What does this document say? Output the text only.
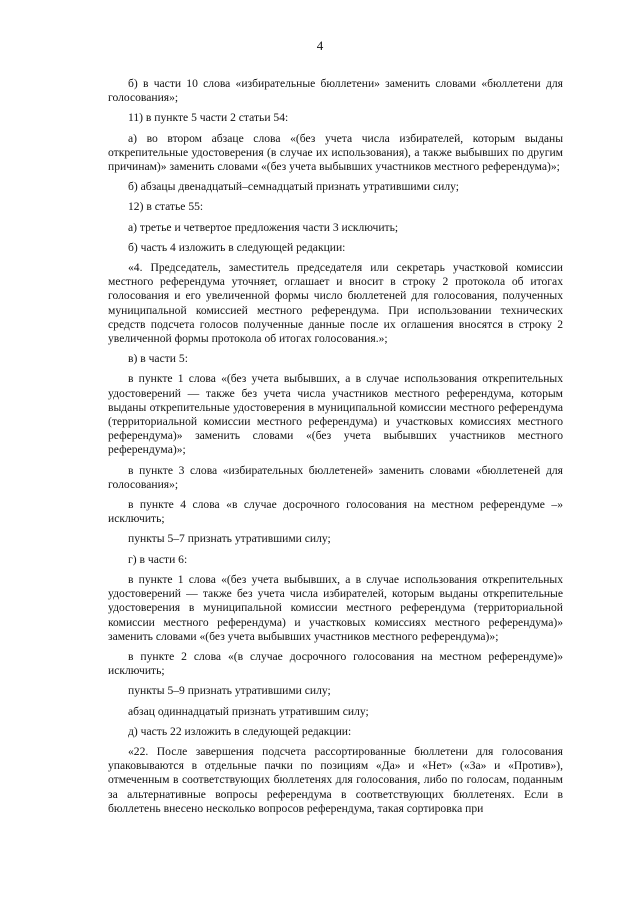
4

б) в части 10 слова «избирательные бюллетени» заменить словами «бюллетени для голосования»;

11) в пункте 5 части 2 статьи 54:

а) во втором абзаце слова «(без учета числа избирателей, которым выданы открепительные удостоверения (в случае их использования), а также выбывших по другим причинам)» заменить словами «(без учета выбывших участников местного референдума)»;

б) абзацы двенадцатый–семнадцатый признать утратившими силу;

12) в статье 55:

а) третье и четвертое предложения части 3 исключить;

б) часть 4 изложить в следующей редакции:

«4. Председатель, заместитель председателя или секретарь участковой комиссии местного референдума уточняет, оглашает и вносит в строку 2 протокола об итогах голосования и его увеличенной формы число бюллетеней для голосования, полученных муниципальной комиссией местного референдума. При использовании технических средств подсчета голосов полученные данные после их оглашения вносятся в строку 2 увеличенной формы протокола об итогах голосования.»;

в) в части 5:

в пункте 1 слова «(без учета выбывших, а в случае использования открепительных удостоверений — также без учета числа участников местного референдума, которым выданы открепительные удостоверения в муниципальной комиссии местного референдума (территориальной комиссии местного референдума) и участковых комиссиях местного референдума)» заменить словами «(без учета выбывших участников местного референдума)»;

в пункте 3 слова «избирательных бюллетеней» заменить словами «бюллетеней для голосования»;

в пункте 4 слова «в случае досрочного голосования на местном референдуме –» исключить;

пункты 5–7 признать утратившими силу;

г) в части 6:

в пункте 1 слова «(без учета выбывших, а в случае использования открепительных удостоверений — также без учета числа избирателей, которым выданы открепительные удостоверения в муниципальной комиссии местного референдума (территориальной комиссии местного референдума) и участковых комиссиях местного референдума)» заменить словами «(без учета выбывших участников местного референдума)»;

в пункте 2 слова «(в случае досрочного голосования на местном референдуме)» исключить;

пункты 5–9 признать утратившими силу;

абзац одиннадцатый признать утратившим силу;

д) часть 22 изложить в следующей редакции:

«22. После завершения подсчета рассортированные бюллетени для голосования упаковываются в отдельные пачки по позициям «Да» и «Нет» («За» и «Против»), отмеченным в соответствующих бюллетенях для голосования, либо по голосам, поданным за альтернативные вопросы референдума в соответствующих бюллетенях. Если в бюллетень внесено несколько вопросов референдума, такая сортировка при
